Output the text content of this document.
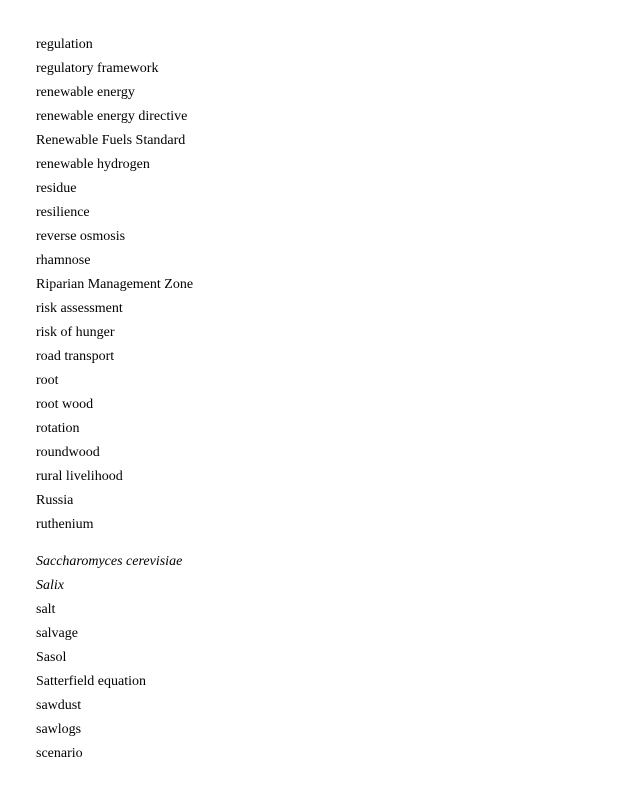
regulation
regulatory framework
renewable energy
renewable energy directive
Renewable Fuels Standard
renewable hydrogen
residue
resilience
reverse osmosis
rhamnose
Riparian Management Zone
risk assessment
risk of hunger
road transport
root
root wood
rotation
roundwood
rural livelihood
Russia
ruthenium
Saccharomyces cerevisiae
Salix
salt
salvage
Sasol
Satterfield equation
sawdust
sawlogs
scenario
